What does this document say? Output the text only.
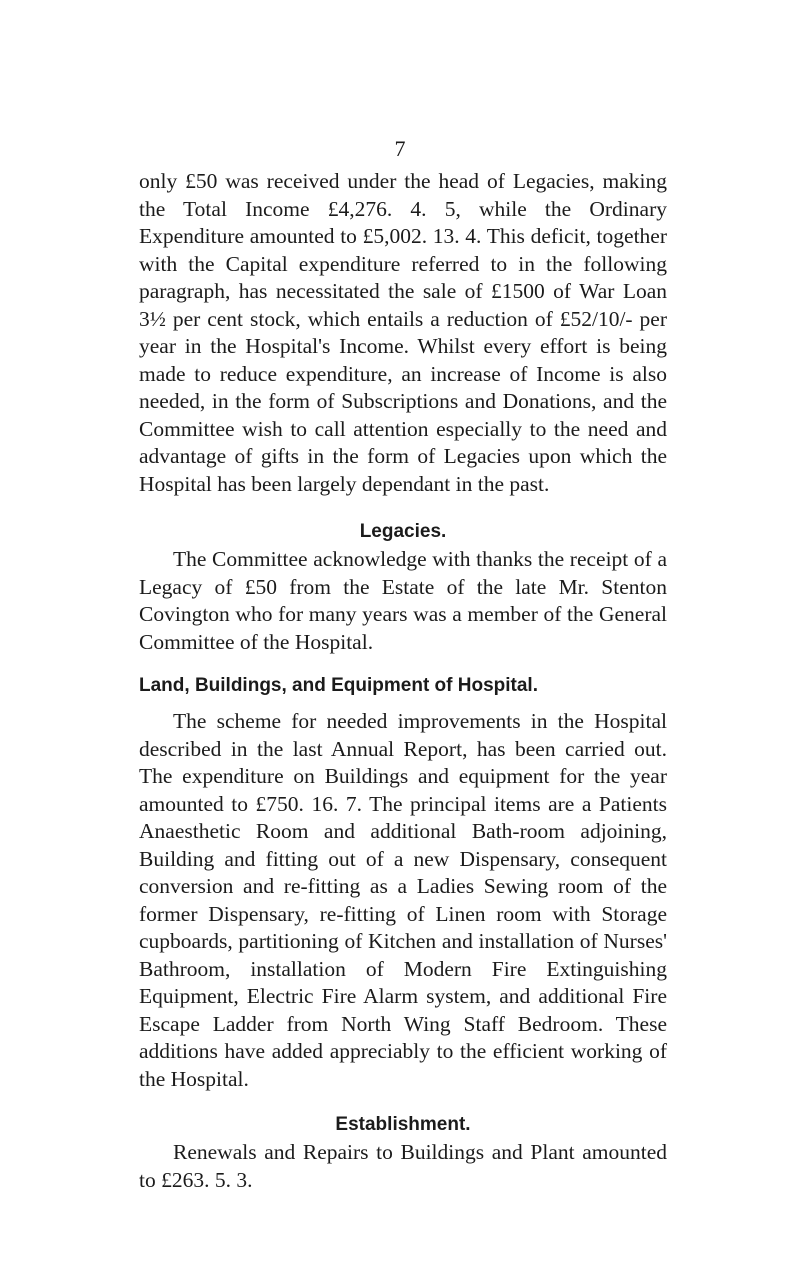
7

only £50 was received under the head of Legacies, making the Total Income £4,276. 4. 5, while the Ordinary Expenditure amounted to £5,002. 13. 4. This deficit, together with the Capital expenditure referred to in the following paragraph, has necessitated the sale of £1500 of War Loan 3½ per cent stock, which entails a reduction of £52/10/- per year in the Hospital's Income. Whilst every effort is being made to reduce expenditure, an increase of Income is also needed, in the form of Subscriptions and Donations, and the Committee wish to call attention especially to the need and advantage of gifts in the form of Legacies upon which the Hospital has been largely dependant in the past.

Legacies.

The Committee acknowledge with thanks the receipt of a Legacy of £50 from the Estate of the late Mr. Stenton Covington who for many years was a member of the General Committee of the Hospital.

Land, Buildings, and Equipment of Hospital.

The scheme for needed improvements in the Hospital described in the last Annual Report, has been carried out. The expenditure on Buildings and equipment for the year amounted to £750. 16. 7. The principal items are a Patients Anaesthetic Room and additional Bath-room adjoining, Building and fitting out of a new Dispensary, consequent conversion and re-fitting as a Ladies Sewing room of the former Dispensary, re-fitting of Linen room with Storage cupboards, partitioning of Kitchen and installation of Nurses' Bathroom, installation of Modern Fire Extinguishing Equipment, Electric Fire Alarm system, and additional Fire Escape Ladder from North Wing Staff Bedroom. These additions have added appreciably to the efficient working of the Hospital.

Establishment.

Renewals and Repairs to Buildings and Plant amounted to £263. 5. 3.
